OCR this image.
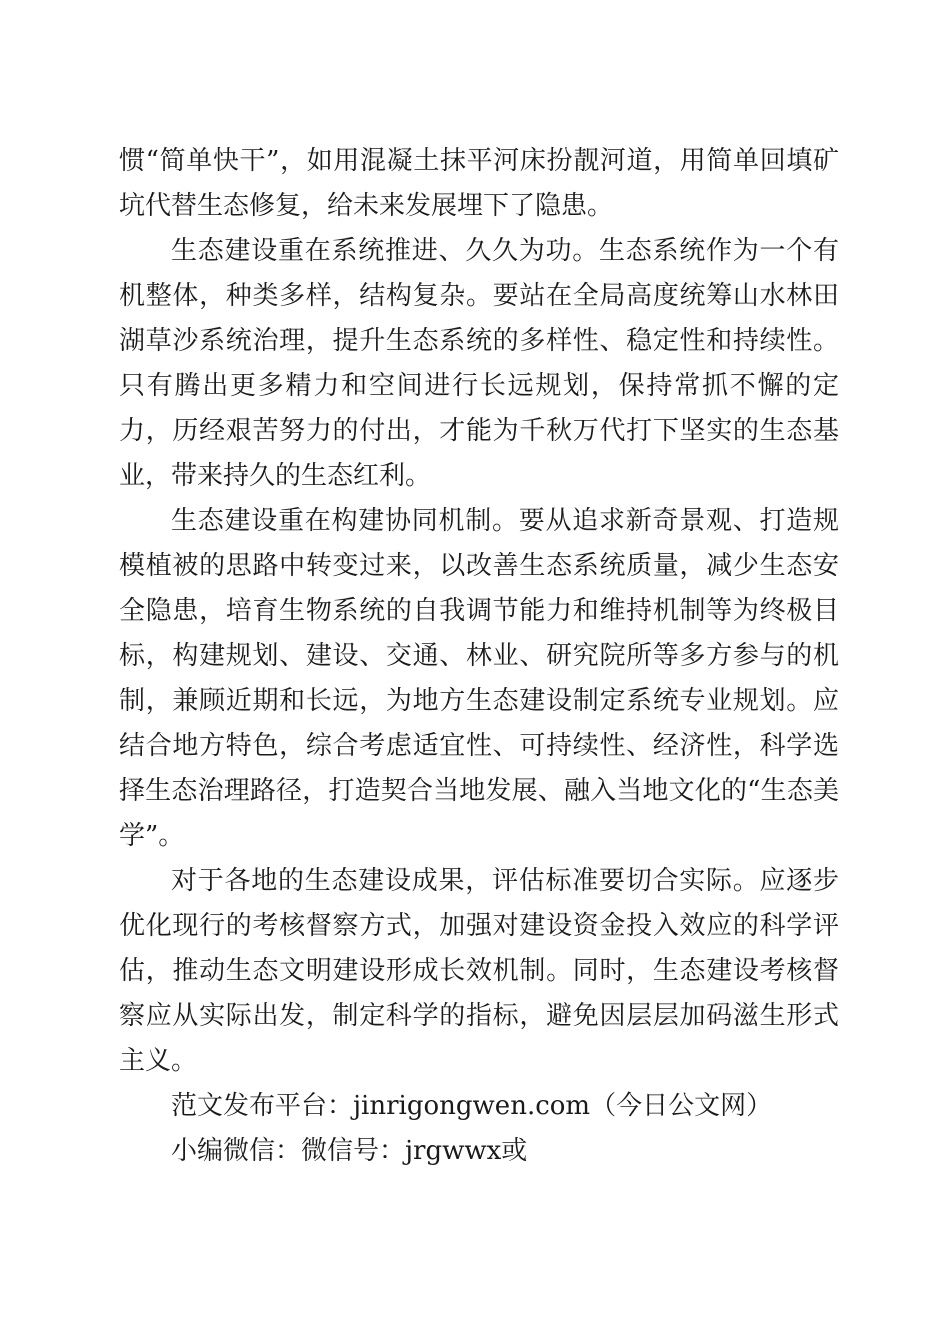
惯“简单快干”，如用混凝土抹平河床扮靓河道，用简单回填矿坑代替生态修复，给未来发展埋下了隐患。

生态建设重在系统推进、久久为功。生态系统作为一个有机整体，种类多样，结构复杂。要站在全局高度统筹山水林田湖草沙系统治理，提升生态系统的多样性、稳定性和持续性。只有腾出更多精力和空间进行长远规划，保持常抓不懈的定力，历经艰苦努力的付出，才能为千秋万代打下坚实的生态基业，带来持久的生态红利。

生态建设重在构建协同机制。要从追求新奇景观、打造规模植被的思路中转变过来，以改善生态系统质量，减少生态安全隐患，培育生物系统的自我调节能力和维持机制等为终极目标，构建规划、建设、交通、林业、研究院所等多方参与的机制，兼顾近期和长远，为地方生态建设制定系统专业规划。应结合地方特色，综合考虑适宜性、可持续性、经济性，科学选择生态治理路径，打造契合当地发展、融入当地文化的“生态美学”。

对于各地的生态建设成果，评估标准要切合实际。应逐步优化现行的考核督察方式，加强对建设资金投入效应的科学评估，推动生态文明建设形成长效机制。同时，生态建设考核督察应从实际出发，制定科学的指标，避免因层层加码滋生形式主义。

范文发布平台：jinrigongwen.com（今日公文网）

小编微信：微信号：jrgwwx或
